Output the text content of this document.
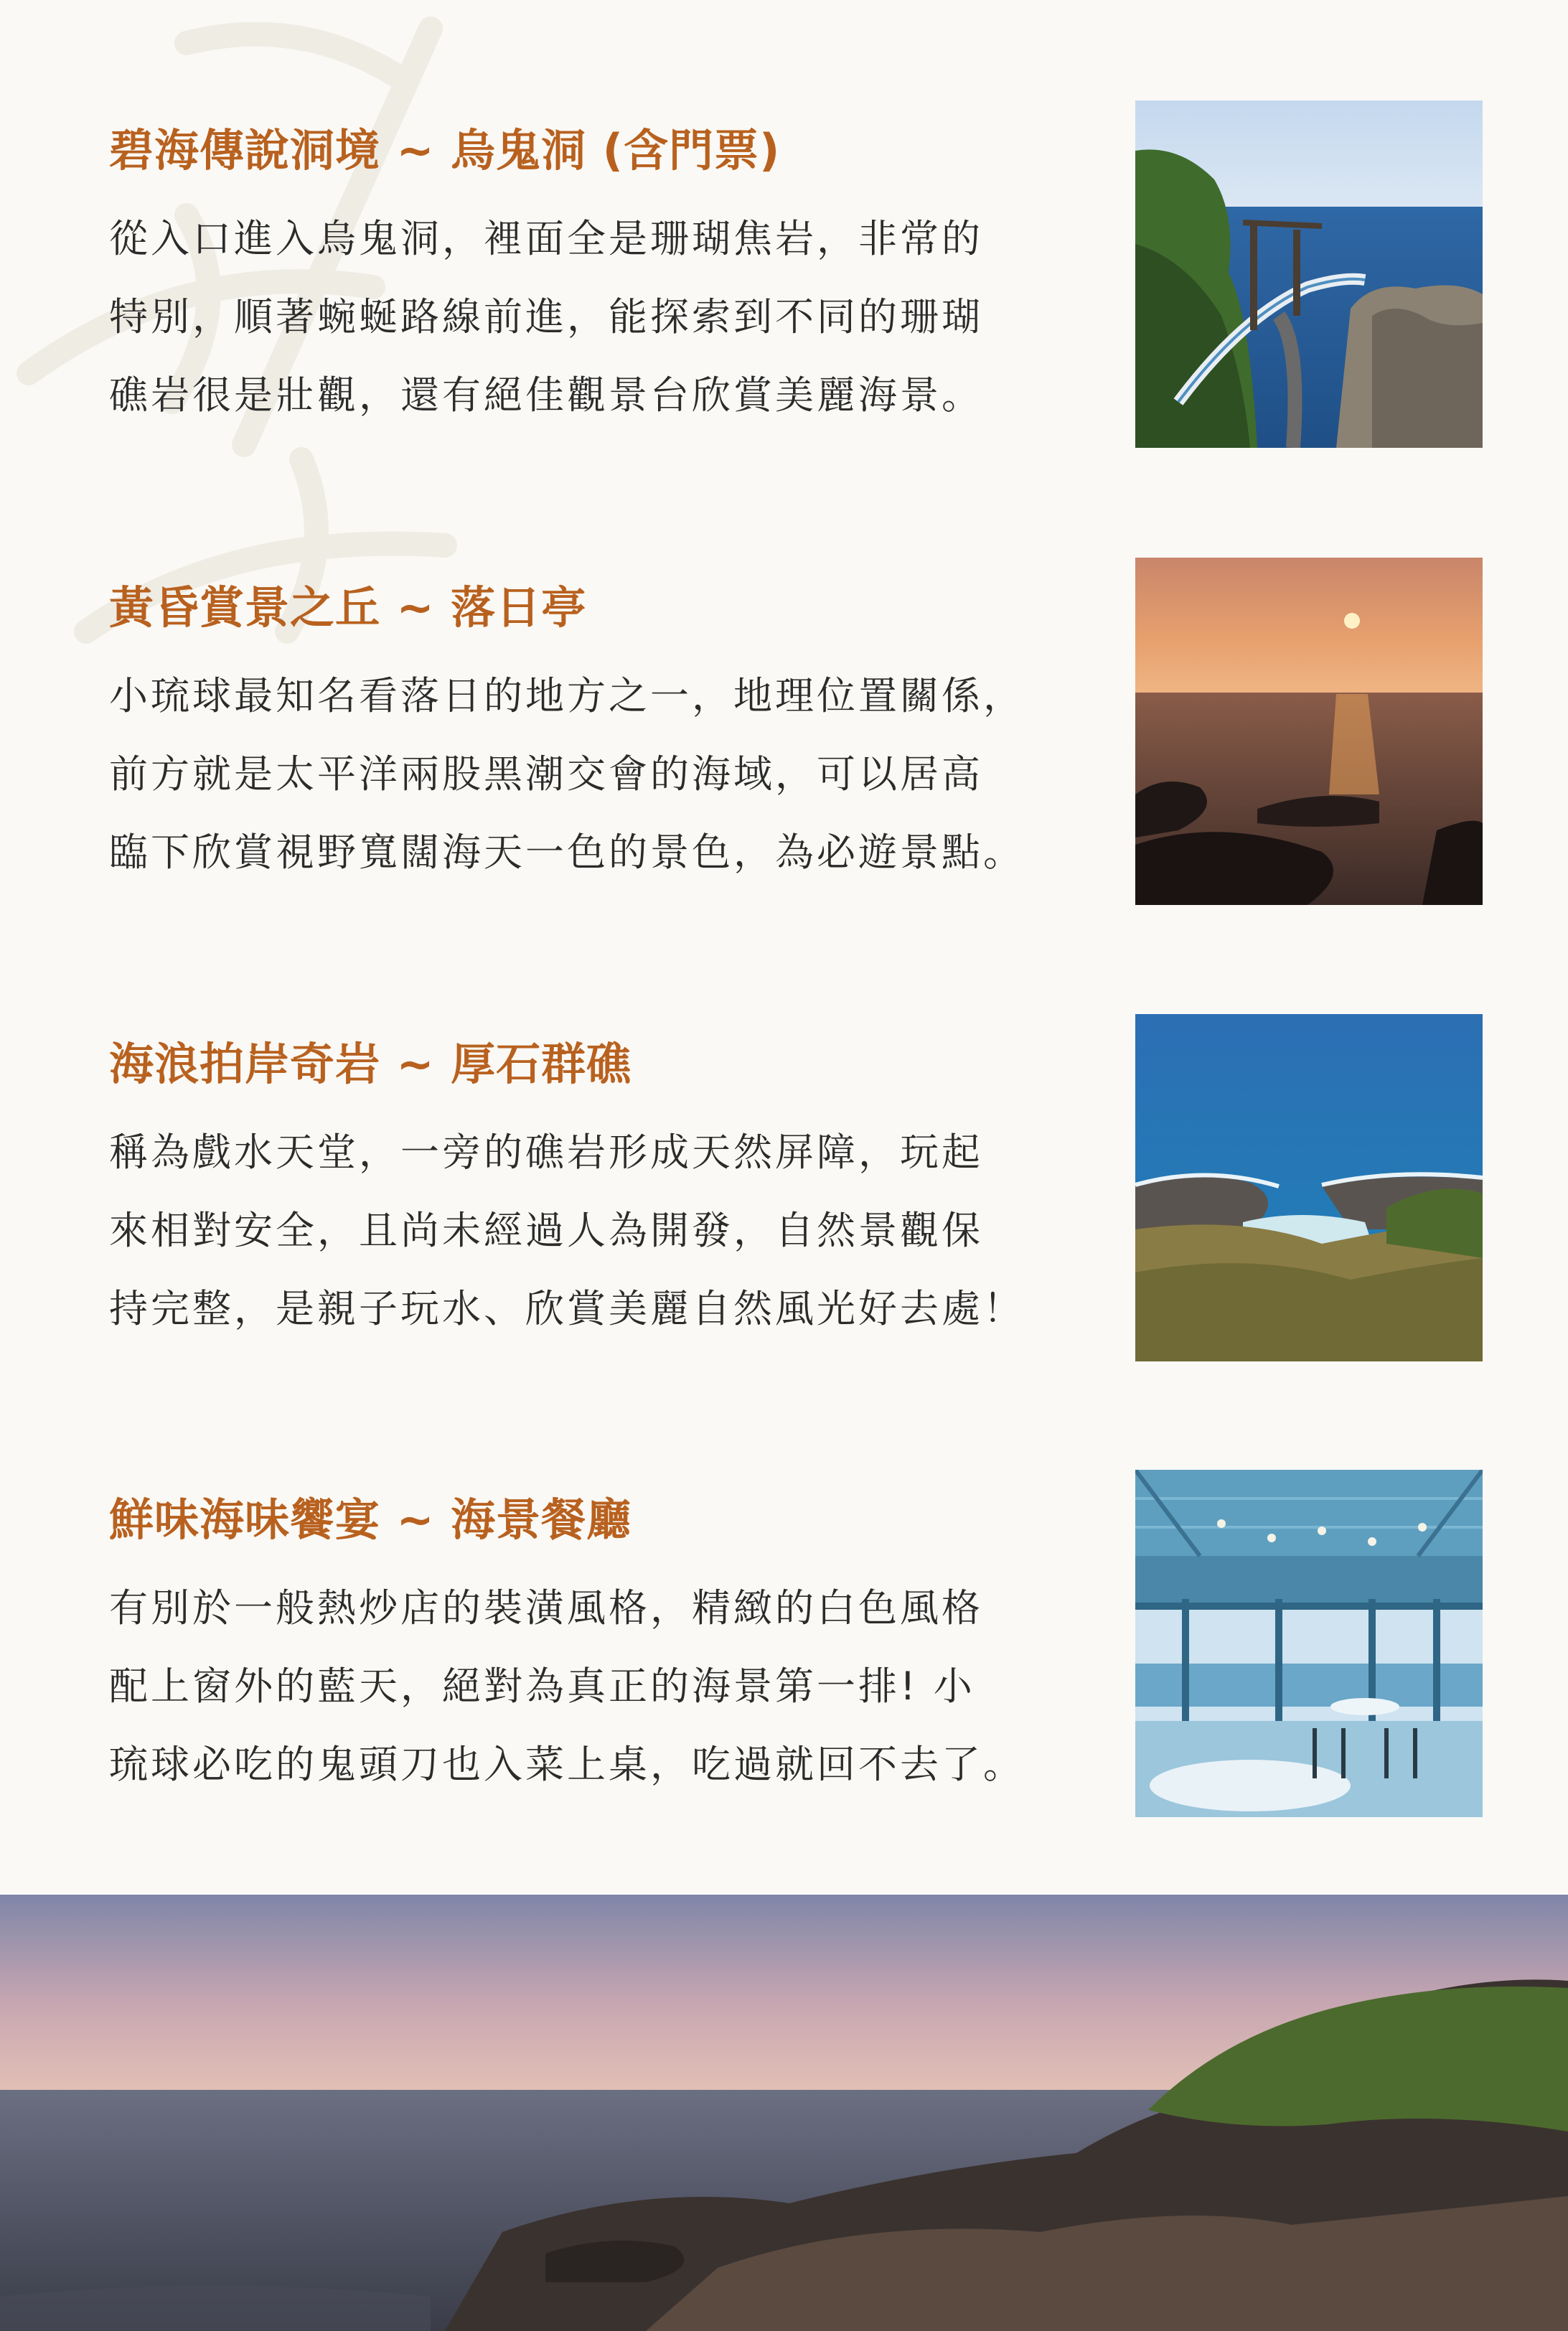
碧海傳說洞境 ~ 烏鬼洞 (含門票)

從入口進入烏鬼洞，裡面全是珊瑚焦岩，非常的

特別，順著蜿蜒路線前進，能探索到不同的珊瑚

礁岩很是壯觀，還有絕佳觀景台欣賞美麗海景。

黃昏賞景之丘 ~ 落日亭

小琉球最知名看落日的地方之一，地理位置關係，

前方就是太平洋兩股黑潮交會的海域，可以居高

臨下欣賞視野寬闊海天一色的景色，為必遊景點。

海浪拍岸奇岩 ~ 厚石群礁

稱為戲水天堂，一旁的礁岩形成天然屏障，玩起

來相對安全，且尚未經過人為開發，自然景觀保

持完整，是親子玩水、欣賞美麗自然風光好去處！

鮮味海味饗宴 ~ 海景餐廳

有別於一般熱炒店的裝潢風格，精緻的白色風格

配上窗外的藍天，絕對為真正的海景第一排! 小

琉球必吃的鬼頭刀也入菜上桌，吃過就回不去了。
